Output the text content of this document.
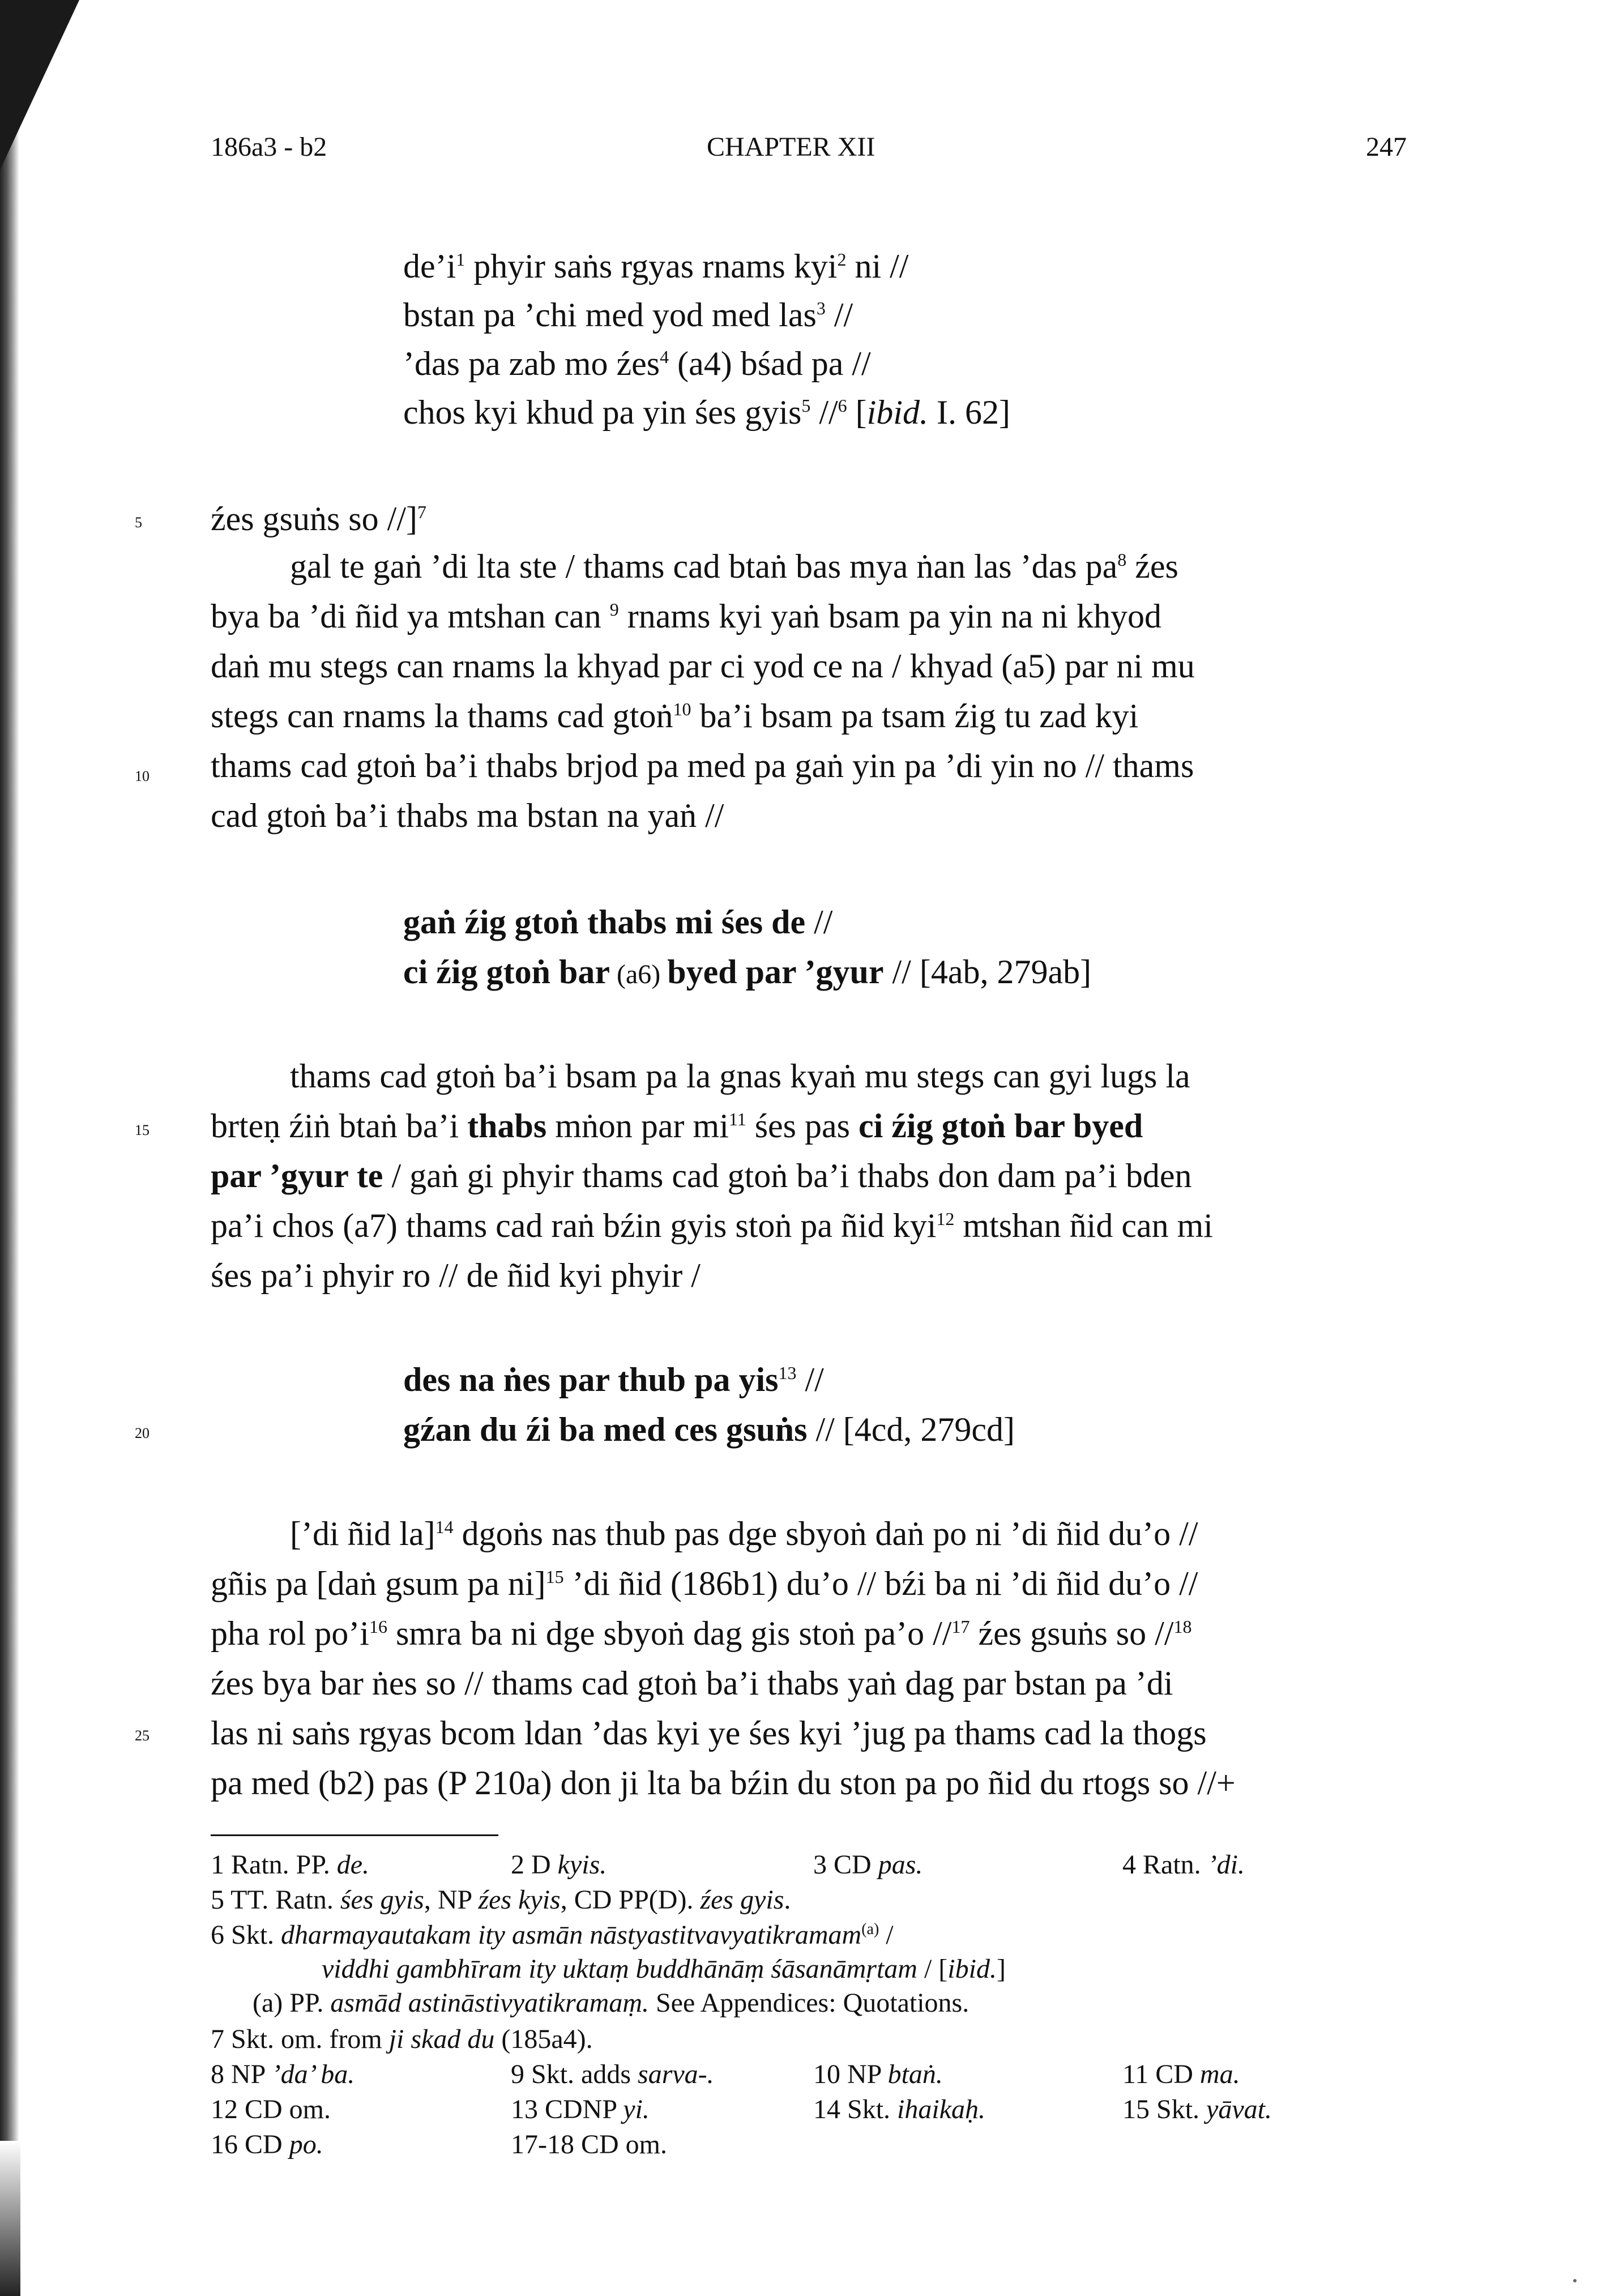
186a3 - b2	CHAPTER XII	247
5
10
15
20
25
$de’i^1$ phyir saṅs rgyas rnams kyi$^2$ ni //
bstan pa ’chi med yod med las$^3$ //
’das pa zab mo źes$^4$ (a4) bśad pa //
chos kyi khud pa yin śes gyis$^5$ //$^6$ [ibid. I. 62]
źes gsuṅs so //]$^7$
gal te gaṅ ’di lta ste / thams cad btaṅ bas mya ṅan las ’das $pa^8$ źes
bya ba ’di ñid ya mtshan can $^9$ rnams kyi yaṅ bsam pa yin na ni khyod
daṅ mu stegs can rnams la khyad par ci yod ce na / khyad (a5) par ni mu
stegs can rnams la thams cad gtoṅ$^{10}$ ba’i bsam pa tsam źig tu zad kyi
thams cad gtoṅ ba’i thabs brjod pa med pa gaṅ yin pa ’di yin no // thams
cad gtoṅ ba’i thabs ma bstan na yaṅ //
gaṅ źig gtoṅ thabs mi śes de //
ci źig gtoṅ bar (a6) byed par ’gyur // [4ab, 279ab]
thams cad gtoṅ ba’i bsam pa la gnas kyaṅ mu stegs can gyi lugs la
brteṇ źiṅ btaṅ ba’i thabs mṅon par $mi^{11}$ śes pas ci źig gtoṅ bar byed
par ’gyur te / gaṅ gi phyir thams cad gtoṅ ba’i thabs don dam pa’i bden
pa’i chos (a7) thams cad raṅ bźin gyis stoṅ pa ñid kyi$^{12}$ mtshan ñid can mi
śes pa’i phyir ro // de ñid kyi phyir /
des na ṅes par thub pa yis$^{13}$ //
gźan du źi ba med ces gsuṅs // [4cd, 279cd]
[’di ñid la]$^{14}$ dgoṅs nas thub pas dge sbyoṅ daṅ po ni ’di ñid du’o //
gñis pa [daṅ gsum pa ni]$^{15}$ ’di ñid (186b1) du’o // bźi ba ni ’di ñid du’o //
pha rol $po’i^{16}$ smra ba ni dge sbyoṅ dag gis stoṅ pa’o //$^{17}$ źes gsuṅs so //$^{18}$
źes bya bar ṅes so // thams cad gtoṅ ba’i thabs yaṅ dag par bstan pa ’di
las ni saṅs rgyas bcom ldan ’das kyi ye śes kyi ’jug pa thams cad la thogs
pa med (b2) pas (P 210a) don ji lta ba bźin du ston pa po ñid du rtogs so //+
1 Ratn. PP. de.	2 D kyis.	3 CD pas.	4 Ratn. ’di.
5 TT. Ratn. śes gyis, NP źes kyis, CD PP(D). źes gyis.
6 Skt. dharmayautakam ity asmān nāstyastitvavyatikramam$^{(a)}$ /
viddhi gambhīram ity uktaṃ buddhānāṃ śāsanāmṛtam / [ibid.]
(a) PP. asmād astināstivyatikramaṃ. See Appendices: Quotations.
7 Skt. om. from ji skad du (185a4).
8 NP ’da’ ba.	9 Skt. adds sarva-.	10 NP btaṅ.	11 CD ma.
12 CD om.	13 CDNP yi.	14 Skt. ihaikaḥ.	15 Skt. yāvat.
16 CD po.	17-18 CD om.
